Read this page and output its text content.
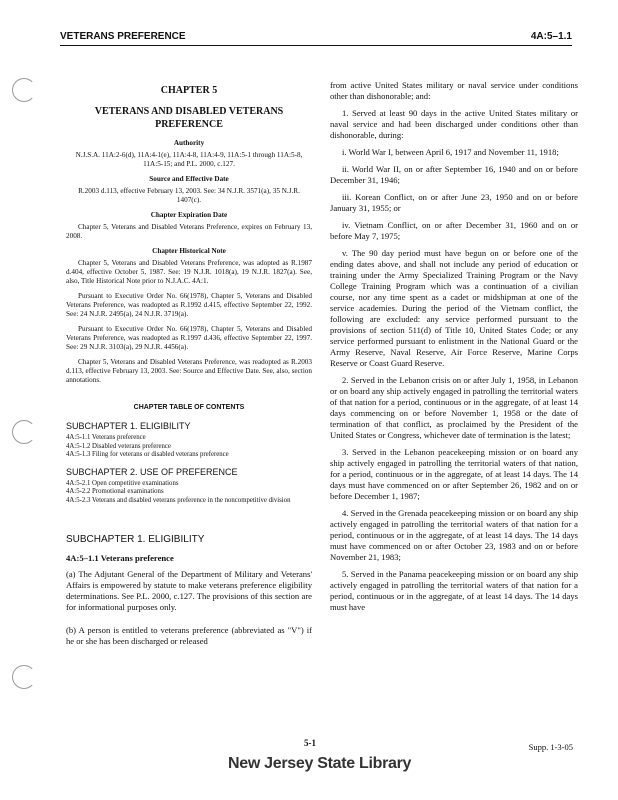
VETERANS PREFERENCE	4A:5–1.1
CHAPTER 5
VETERANS AND DISABLED VETERANS PREFERENCE
Authority

N.J.S.A. 11A:2-6(d), 11A:4-1(e), 11A:4-8, 11A:4-9, 11A:5-1 through 11A:5-8, 11A:5-15; and P.L. 2000, c.127.

Source and Effective Date

R.2003 d.113, effective February 13, 2003. See: 34 N.J.R. 3571(a), 35 N.J.R. 1407(c).

Chapter Expiration Date

Chapter 5, Veterans and Disabled Veterans Preference, expires on February 13, 2008.

Chapter Historical Note

Chapter 5, Veterans and Disabled Veterans Preference, was adopted as R.1987 d.404, effective October 5, 1987. See: 19 N.J.R. 1018(a), 19 N.J.R. 1827(a). See, also, Title Historical Note prior to N.J.A.C. 4A:1.

Pursuant to Executive Order No. 66(1978), Chapter 5, Veterans and Disabled Veterans Preference, was readopted as R.1992 d.415, effective September 22, 1992. See: 24 N.J.R. 2495(a), 24 N.J.R. 3719(a).

Pursuant to Executive Order No. 66(1978), Chapter 5, Veterans and Disabled Veterans Preference, was readopted as R.1997 d.436, effective September 22, 1997. See: 29 N.J.R. 3103(a), 29 N.J.R. 4456(a).

Chapter 5, Veterans and Disabled Veterans Preference, was readopted as R.2003 d.113, effective February 13, 2003. See: Source and Effective Date. See, also, section annotations.

CHAPTER TABLE OF CONTENTS
SUBCHAPTER 1. ELIGIBILITY
4A:5-1.1 Veterans preference
4A:5-1.2 Disabled veterans preference
4A:5-1.3 Filing for veterans or disabled veterans preference
SUBCHAPTER 2. USE OF PREFERENCE
4A:5-2.1 Open competitive examinations
4A:5-2.2 Promotional examinations
4A:5-2.3 Veterans and disabled veterans preference in the noncompetitive division
SUBCHAPTER 1. ELIGIBILITY
4A:5–1.1 Veterans preference

(a) The Adjutant General of the Department of Military and Veterans' Affairs is empowered by statute to make veterans preference eligibility determinations. See P.L. 2000, c.127. The provisions of this section are for informational purposes only.

(b) A person is entitled to veterans preference (abbreviated as "V") if he or she has been discharged or released

from active United States military or naval service under conditions other than dishonorable; and:

1. Served at least 90 days in the active United States military or naval service and had been discharged under conditions other than dishonorable, during:

i. World War I, between April 6, 1917 and November 11, 1918;

ii. World War II, on or after September 16, 1940 and on or before December 31, 1946;

iii. Korean Conflict, on or after June 23, 1950 and on or before January 31, 1955; or

iv. Vietnam Conflict, on or after December 31, 1960 and on or before May 7, 1975;

v. The 90 day period must have begun on or before one of the ending dates above, and shall not include any period of education or training under the Army Specialized Training Program or the Navy College Training Program which was a continuation of a civilian course, nor any time spent as a cadet or midshipman at one of the service academies. During the period of the Vietnam conflict, the following are excluded: any service performed pursuant to the provisions of section 511(d) of Title 10, United States Code; or any service performed pursuant to enlistment in the National Guard or the Army Reserve, Naval Reserve, Air Force Reserve, Marine Corps Reserve or Coast Guard Reserve.

2. Served in the Lebanon crisis on or after July 1, 1958, in Lebanon or on board any ship actively engaged in patrolling the territorial waters of that nation for a period, continuous or in the aggregate, of at least 14 days commencing on or before November 1, 1958 or the date of termination of that conflict, as proclaimed by the President of the United States or Congress, whichever date of termination is the latest;

3. Served in the Lebanon peacekeeping mission or on board any ship actively engaged in patrolling the territorial waters of that nation, for a period, continuous or in the aggregate, of at least 14 days. The 14 days must have commenced on or after September 26, 1982 and on or before December 1, 1987;

4. Served in the Grenada peacekeeping mission or on board any ship actively engaged in patrolling the territorial waters of that nation for a period, continuous or in the aggregate, of at least 14 days. The 14 days must have commenced on or after October 23, 1983 and on or before November 21, 1983;

5. Served in the Panama peacekeeping mission or on board any ship actively engaged in patrolling the territorial waters of that nation for a period, continuous or in the aggregate, of at least 14 days. The 14 days must have

5-1	Supp. 1-3-05
New Jersey State Library
